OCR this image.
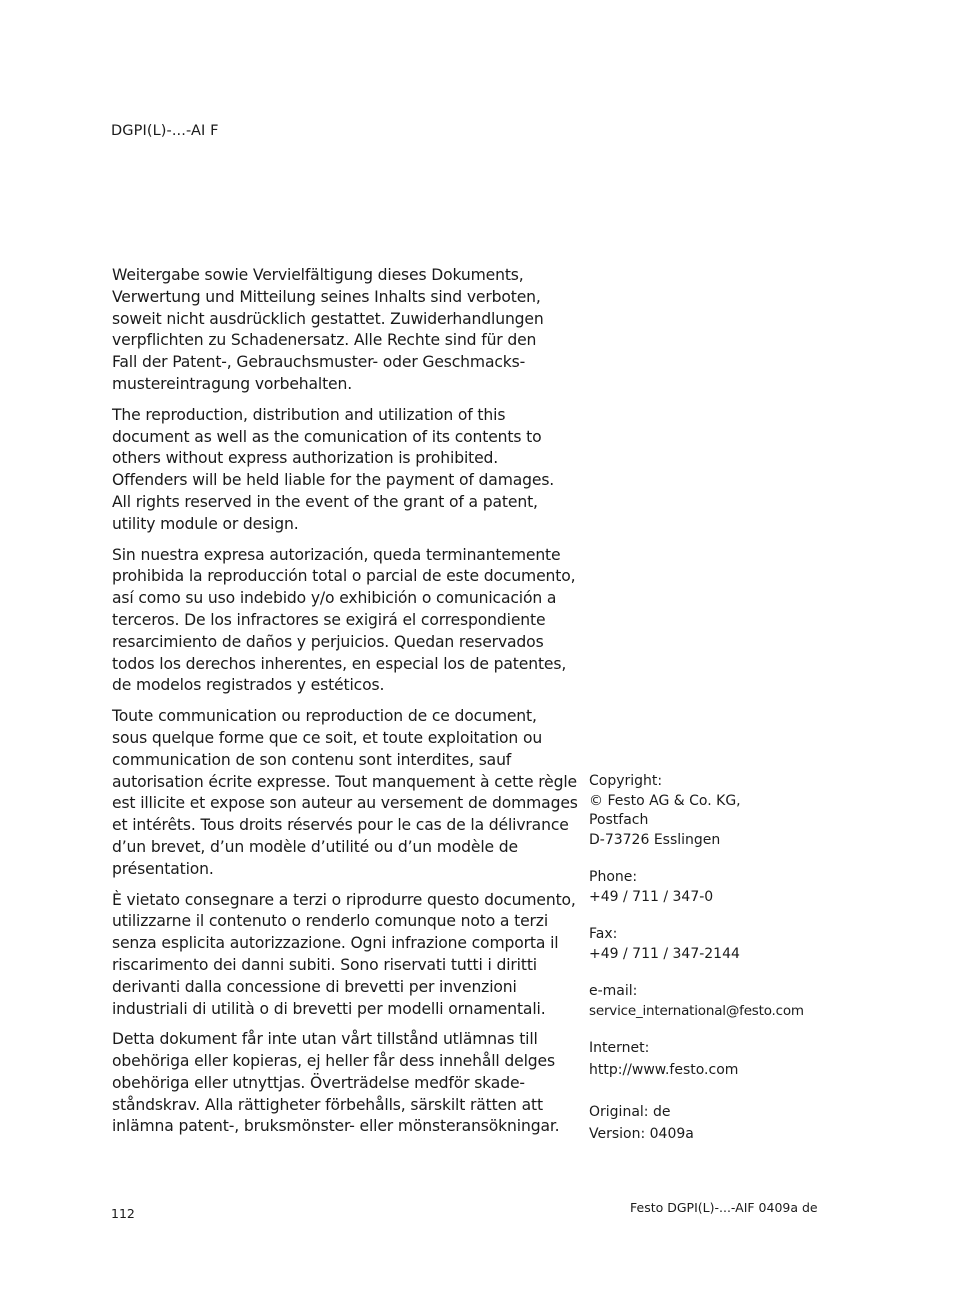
DGPI(L)-...-AI F

Weitergabe sowie Vervielfältigung dieses Dokuments,
Verwertung und Mitteilung seines Inhalts sind verboten,
soweit nicht ausdrücklich gestattet. Zuwiderhandlungen
verpflichten zu Schadenersatz. Alle Rechte sind für den
Fall der Patent-, Gebrauchsmuster- oder Geschmacks-
mustereintragung vorbehalten.

The reproduction, distribution and utilization of this
document as well as the comunication of its contents to
others without express authorization is prohibited.
Offenders will be held liable for the payment of damages.
All rights reserved in the event of the grant of a patent,
utility module or design.

Sin nuestra expresa autorización, queda terminantemente
prohibida la reproducción total o parcial de este documento,
así como su uso indebido y/o exhibición o comunicación a
terceros. De los infractores se exigirá el correspondiente
resarcimiento de daños y perjuicios. Quedan reservados
todos los derechos inherentes, en especial los de patentes,
de modelos registrados y estéticos.

Toute communication ou reproduction de ce document,
sous quelque forme que ce soit, et toute exploitation ou
communication de son contenu sont interdites, sauf
autorisation écrite expresse. Tout manquement à cette règle
est illicite et expose son auteur au versement de dommages
et intérêts. Tous droits réservés pour le cas de la délivrance
d’un brevet, d’un modèle d’utilité ou d’un modèle de
présentation.

È vietato consegnare a terzi o riprodurre questo documento,
utilizzarne il contenuto o renderlo comunque noto a terzi
senza esplicita autorizzazione. Ogni infrazione comporta il
riscarimento dei danni subiti. Sono riservati tutti i diritti
derivanti dalla concessione di brevetti per invenzioni
industriali di utilità o di brevetti per modelli ornamentali.

Detta dokument får inte utan vårt tillstånd utlämnas till
obehöriga eller kopieras, ej heller får dess innehåll delges
obehöriga eller utnyttjas. Överträdelse medför skade-
ståndskrav. Alla rättigheter förbehålls, särskilt rätten att
inlämna patent-, bruksmönster- eller mönsteransökningar.

Copyright:
© Festo AG & Co. KG,
Postfach
D-73726 Esslingen
Phone:
+49 / 711 / 347-0
Fax:
+49 / 711 / 347-2144
e-mail:
service_international@festo.com
Internet:
http://www.festo.com
Original: de
Version: 0409a
112	Festo DGPI(L)-...-AIF 0409a de
